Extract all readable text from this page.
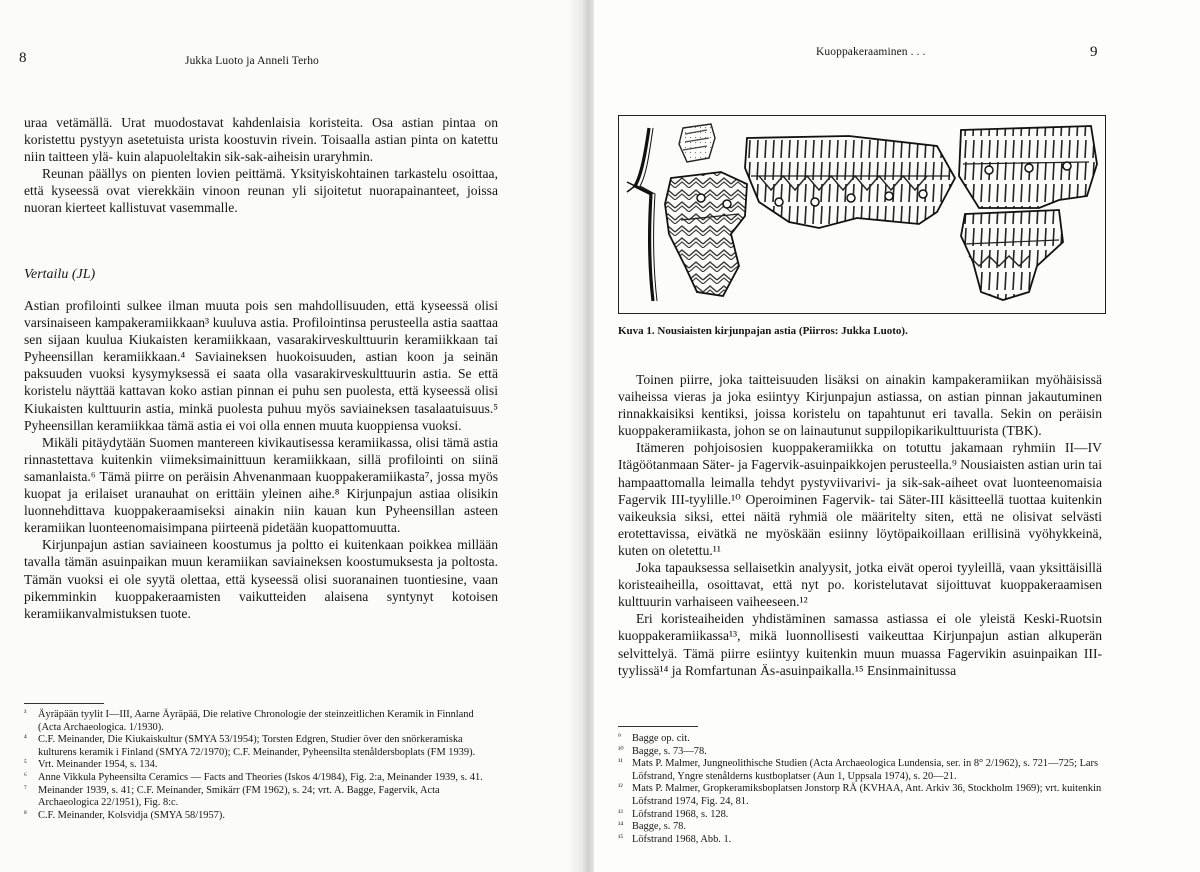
8	Jukka Luoto ja Anneli Terho

uraa vetämällä. Urat muodostavat kahdenlaisia koristeita. Osa astian pintaa on koristettu pystyyn asetetuista urista koostuvin rivein. Toisaalla astian pinta on katettu niin taitteen ylä- kuin alapuoleltakin sik-sak-aiheisin uraryhmin.

Reunan päällys on pienten lovien peittämä. Yksityiskohtainen tarkastelu osoittaa, että kyseessä ovat vierekkäin vinoon reunan yli sijoitetut nuorapainanteet, joissa nuoran kierteet kallistuvat vasemmalle.

Vertailu (JL)

Astian profilointi sulkee ilman muuta pois sen mahdollisuuden, että kyseessä olisi varsinaiseen kampakeramiikkaan³ kuuluva astia. Profilointinsa perusteella astia saattaa sen sijaan kuulua Kiukaisten keramiikkaan, vasarakirveskulttuurin keramiikkaan tai Pyheensillan keramiikkaan.⁴ Saviaineksen huokoisuuden, astian koon ja seinän paksuuden vuoksi kysymyksessä ei saata olla vasarakirveskulttuurin astia. Se että koristelu näyttää kattavan koko astian pinnan ei puhu sen puolesta, että kyseessä olisi Kiukaisten kulttuurin astia, minkä puolesta puhuu myös saviaineksen tasalaatuisuus.⁵ Pyheensillan keramiikkaa tämä astia ei voi olla ennen muuta kuoppiensa vuoksi.

Mikäli pitäydytään Suomen mantereen kivikautisessa keramiikassa, olisi tämä astia rinnastettava kuitenkin viimeksimainittuun keramiikkaan, sillä profilointi on siinä samanlaista.⁶ Tämä piirre on peräisin Ahvenanmaan kuoppakeramiikasta⁷, jossa myös kuopat ja erilaiset uranauhat on erittäin yleinen aihe.⁸ Kirjunpajun astiaa olisikin luonnehdittava kuoppakeraamiseksi ainakin niin kauan kun Pyheensillan asteen keramiikan luonteenomaisimpana piirteenä pidetään kuopattomuutta.

Kirjunpajun astian saviaineen koostumus ja poltto ei kuitenkaan poikkea millään tavalla tämän asuinpaikan muun keramiikan saviaineksen koostumuksesta ja poltosta. Tämän vuoksi ei ole syytä olettaa, että kyseessä olisi suoranainen tuontiesine, vaan pikemminkin kuoppakeraamisten vaikutteiden alaisena syntynyt kotoisen keramiikanvalmistuksen tuote.

³ Äyräpään tyylit I—III, Aarne Äyräpää, Die relative Chronologie der steinzeitlichen Keramik in Finnland (Acta Archaeologica. 1/1930).
⁴ C.F. Meinander, Die Kiukaiskultur (SMYA 53/1954); Torsten Edgren, Studier över den snörkeramiska kulturens keramik i Finland (SMYA 72/1970); C.F. Meinander, Pyheensilta stenåldersboplats (FM 1939).
⁵ Vrt. Meinander 1954, s. 134.
⁶ Anne Vikkula Pyheensilta Ceramics — Facts and Theories (Iskos 4/1984), Fig. 2:a, Meinander 1939, s. 41.
⁷ Meinander 1939, s. 41; C.F. Meinander, Smikärr (FM 1962), s. 24; vrt. A. Bagge, Fagervik, Acta Archaeologica 22/1951), Fig. 8:c.
⁸ C.F. Meinander, Kolsvidja (SMYA 58/1957).
Kuoppakeraaminen . . .	9
Kuva 1. Nousiaisten kirjunpajan astia (Piirros: Jukka Luoto).

Toinen piirre, joka taitteisuuden lisäksi on ainakin kampakeramiikan myöhäisissä vaiheissa vieras ja joka esiintyy Kirjunpajun astiassa, on astian pinnan jakautuminen rinnakkaisiksi kentiksi, joissa koristelu on tapahtunut eri tavalla. Sekin on peräisin kuoppakeramiikasta, johon se on lainautunut suppilopikarikulttuurista (TBK).

Itämeren pohjoisosien kuoppakeramiikka on totuttu jakamaan ryhmiin II—IV Itägöötanmaan Säter- ja Fagervik-asuinpaikkojen perusteella.⁹ Nousiaisten astian urin tai hampaattomalla leimalla tehdyt pystyviivarivi- ja sik-sak-aiheet ovat luonteenomaisia Fagervik III-tyylille.¹⁰ Operoiminen Fagervik- tai Säter-III käsitteellä tuottaa kuitenkin vaikeuksia siksi, ettei näitä ryhmiä ole määritelty siten, että ne olisivat selvästi erotettavissa, eivätkä ne myöskään esiinny löytöpaikoillaan erillisinä vyöhykkeinä, kuten on oletettu.¹¹

Joka tapauksessa sellaisetkin analyysit, jotka eivät operoi tyyleillä, vaan yksittäisillä koristeaiheilla, osoittavat, että nyt po. koristelutavat sijoittuvat kuoppakeraamisen kulttuurin varhaiseen vaiheeseen.¹²

Eri koristeaiheiden yhdistäminen samassa astiassa ei ole yleistä Keski-Ruotsin kuoppakeramiikassa¹³, mikä luonnollisesti vaikeuttaa Kirjunpajun astian alkuperän selvittelyä. Tämä piirre esiintyy kuitenkin muun muassa Fagervikin asuinpaikan III-tyylissä¹⁴ ja Romfartunan Äs-asuinpaikalla.¹⁵ Ensinmainitussa

⁹ Bagge op. cit.
¹⁰ Bagge, s. 73—78.
¹¹ Mats P. Malmer, Jungneolithische Studien (Acta Archaeologica Lundensia, ser. in 8° 2/1962), s. 721—725; Lars Löfstrand, Yngre stenålderns kustboplatser (Aun 1, Uppsala 1974), s. 20—21.
¹² Mats P. Malmer, Gropkeramiksboplatsen Jonstorp RÄ (KVHAA, Ant. Arkiv 36, Stockholm 1969); vrt. kuitenkin Löfstrand 1974, Fig. 24, 81.
¹³ Löfstrand 1968, s. 128.
¹⁴ Bagge, s. 78.
¹⁵ Löfstrand 1968, Abb. 1.
